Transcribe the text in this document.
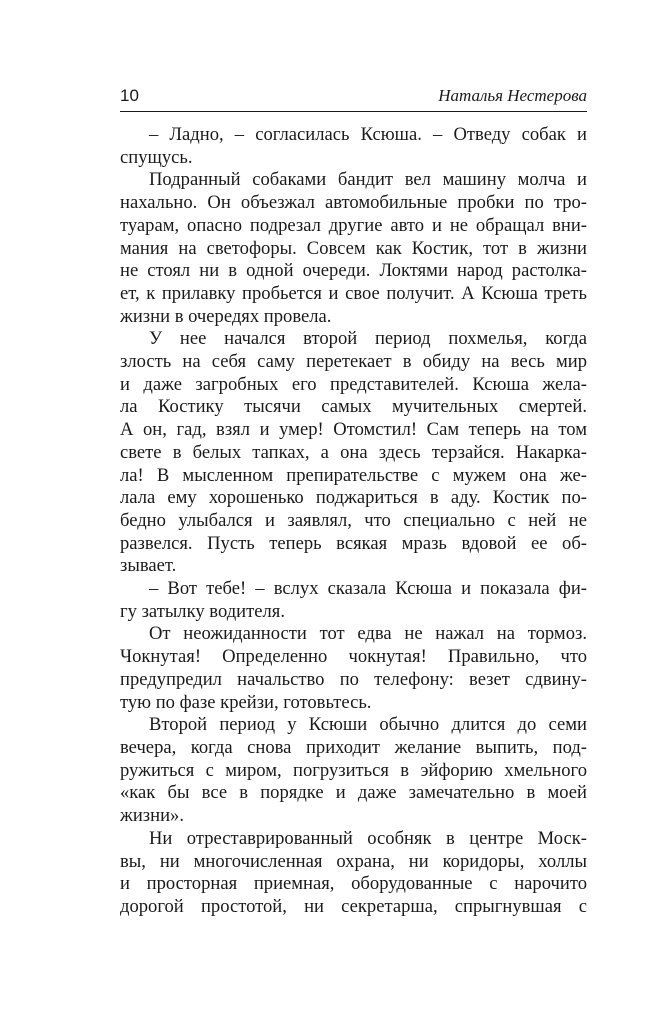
10	Наталья Нестерова

– Ладно, – согласилась Ксюша. – Отведу собак и

спущусь.

Подранный собаками бандит вел машину молча и

нахально. Он объезжал автомобильные пробки по тро-

туарам, опасно подрезал другие авто и не обращал вни-

мания на светофоры. Совсем как Костик, тот в жизни

не стоял ни в одной очереди. Локтями народ растолка-

ет, к прилавку пробьется и свое получит. А Ксюша треть

жизни в очередях провела.

У нее начался второй период похмелья, когда

злость на себя саму перетекает в обиду на весь мир

и даже загробных его представителей. Ксюша жела-

ла Костику тысячи самых мучительных смертей.

А он, гад, взял и умер! Отомстил! Сам теперь на том

свете в белых тапках, а она здесь терзайся. Накарка-

ла! В мысленном препирательстве с мужем она же-

лала ему хорошенько поджариться в аду. Костик по-

бедно улыбался и заявлял, что специально с ней не

развелся. Пусть теперь всякая мразь вдовой ее об-

зывает.

– Вот тебе! – вслух сказала Ксюша и показала фи-

гу затылку водителя.

От неожиданности тот едва не нажал на тормоз.

Чокнутая! Определенно чокнутая! Правильно, что

предупредил начальство по телефону: везет сдвину-

тую по фазе крейзи, готовьтесь.

Второй период у Ксюши обычно длится до семи

вечера, когда снова приходит желание выпить, под-

ружиться с миром, погрузиться в эйфорию хмельного

«как бы все в порядке и даже замечательно в моей

жизни».

Ни отреставрированный особняк в центре Моск-

вы, ни многочисленная охрана, ни коридоры, холлы

и просторная приемная, оборудованные с нарочито

дорогой простотой, ни секретарша, спрыгнувшая с
